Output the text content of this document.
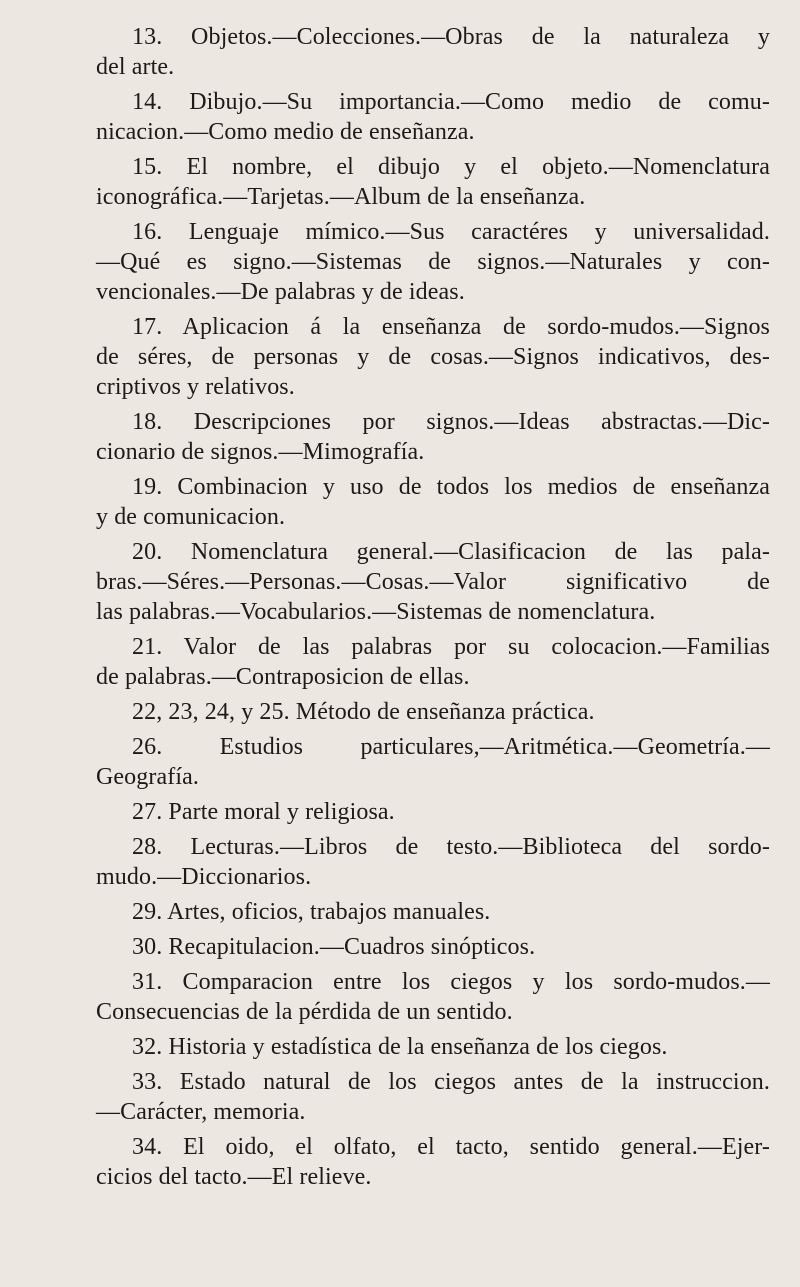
13. Objetos.—Colecciones.—Obras de la naturaleza y
del arte.
14. Dibujo.—Su importancia.—Como medio de comu-
nicacion.—Como medio de enseñanza.
15. El nombre, el dibujo y el objeto.—Nomenclatura
iconográfica.—Tarjetas.—Album de la enseñanza.
16. Lenguaje mímico.—Sus caractéres y universalidad.
—Qué es signo.—Sistemas de signos.—Naturales y con-
vencionales.—De palabras y de ideas.
17. Aplicacion á la enseñanza de sordo-mudos.—Signos
de séres, de personas y de cosas.—Signos indicativos, des-
criptivos y relativos.
18. Descripciones por signos.—Ideas abstractas.—Dic-
cionario de signos.—Mimografía.
19. Combinacion y uso de todos los medios de enseñanza
y de comunicacion.
20. Nomenclatura general.—Clasificacion de las pala-
bras.—Séres.—Personas.—Cosas.—Valor significativo de
las palabras.—Vocabularios.—Sistemas de nomenclatura.
21. Valor de las palabras por su colocacion.—Familias
de palabras.—Contraposicion de ellas.
22, 23, 24, y 25. Método de enseñanza práctica.
26. Estudios particulares,—Aritmética.—Geometría.—
Geografía.
27. Parte moral y religiosa.
28. Lecturas.—Libros de testo.—Biblioteca del sordo-
mudo.—Diccionarios.
29. Artes, oficios, trabajos manuales.
30. Recapitulacion.—Cuadros sinópticos.
31. Comparacion entre los ciegos y los sordo-mudos.—
Consecuencias de la pérdida de un sentido.
32. Historia y estadística de la enseñanza de los ciegos.
33. Estado natural de los ciegos antes de la instruccion.
—Carácter, memoria.
34. El oido, el olfato, el tacto, sentido general.—Ejer-
cicios del tacto.—El relieve.
